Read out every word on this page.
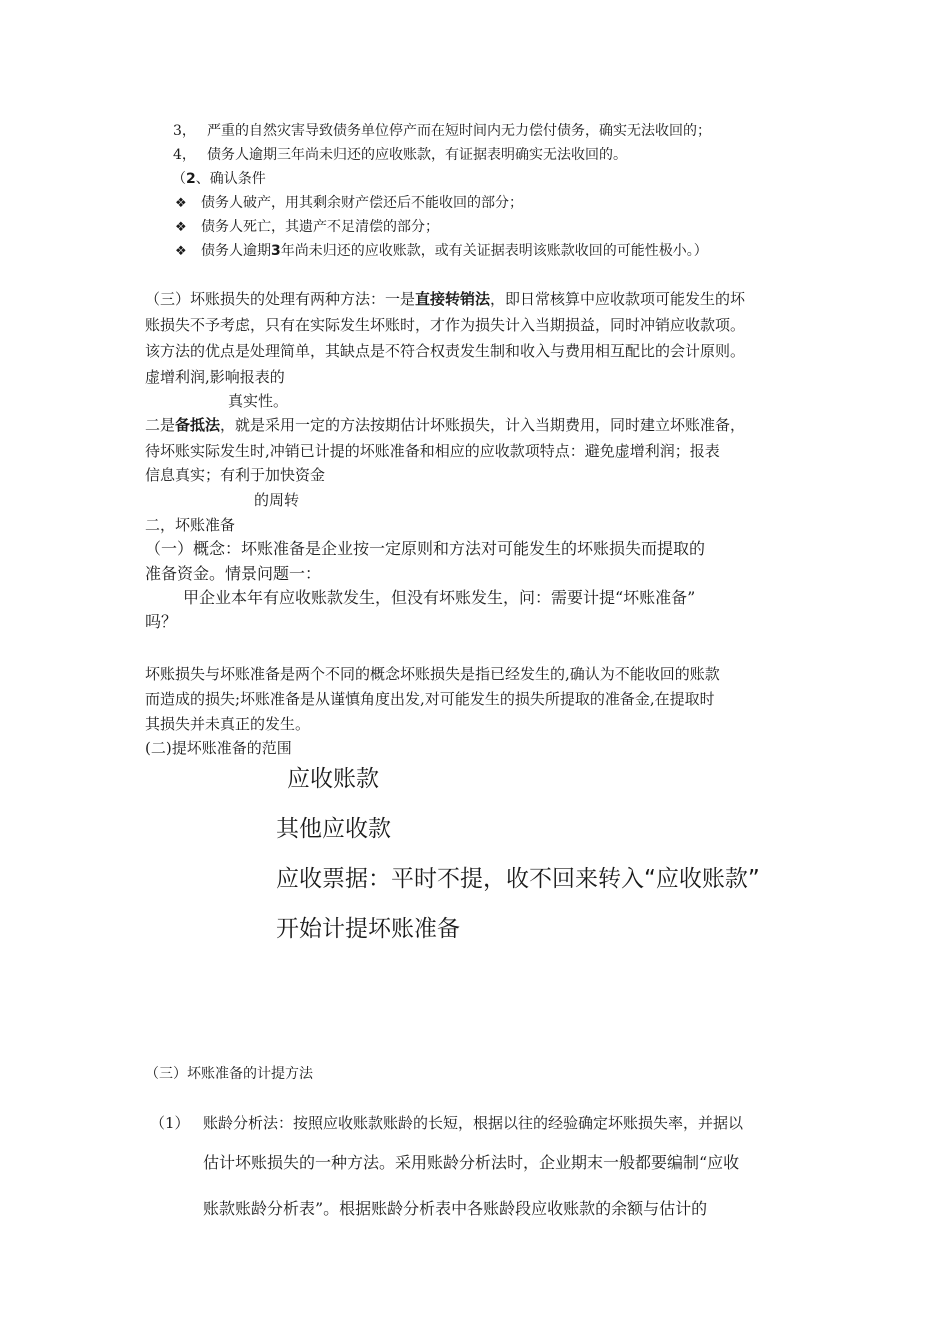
3， 严重的自然灾害导致债务单位停产而在短时间内无力偿付债务，确实无法收回的；
4， 债务人逾期三年尚未归还的应收账款，有证据表明确实无法收回的。
（2、确认条件
❖ 债务人破产，用其剩余财产偿还后不能收回的部分；
❖ 债务人死亡，其遗产不足清偿的部分；
❖ 债务人逾期3年尚未归还的应收账款，或有关证据表明该账款收回的可能性极小。）
（三）坏账损失的处理有两种方法：一是直接转销法，即日常核算中应收款项可能发生的坏
账损失不予考虑，只有在实际发生坏账时，才作为损失计入当期损益，同时冲销应收款项。
该方法的优点是处理简单，其缺点是不符合权责发生制和收入与费用相互配比的会计原则。
虚增利润,影响报表的
真实性。
二是备抵法，就是采用一定的方法按期估计坏账损失，计入当期费用，同时建立坏账准备，
待坏账实际发生时,冲销已计提的坏账准备和相应的应收款项特点：避免虚增利润；报表
信息真实；有利于加快资金
的周转
二，坏账准备
（一）概念：坏账准备是企业按一定原则和方法对可能发生的坏账损失而提取的
准备资金。情景问题一：
甲企业本年有应收账款发生，但没有坏账发生，问：需要计提“坏账准备”
吗？
坏账损失与坏账准备是两个不同的概念坏账损失是指已经发生的,确认为不能收回的账款
而造成的损失;坏账准备是从谨慎角度出发,对可能发生的损失所提取的准备金,在提取时
其损失并未真正的发生。
(二)提坏账准备的范围
应收账款
其他应收款
应收票据：平时不提，收不回来转入“应收账款”
开始计提坏账准备
（三）坏账准备的计提方法
（1） 账龄分析法：按照应收账款账龄的长短，根据以往的经验确定坏账损失率，并据以
估计坏账损失的一种方法。采用账龄分析法时，企业期末一般都要编制“应收
账款账龄分析表”。根据账龄分析表中各账龄段应收账款的余额与估计的
